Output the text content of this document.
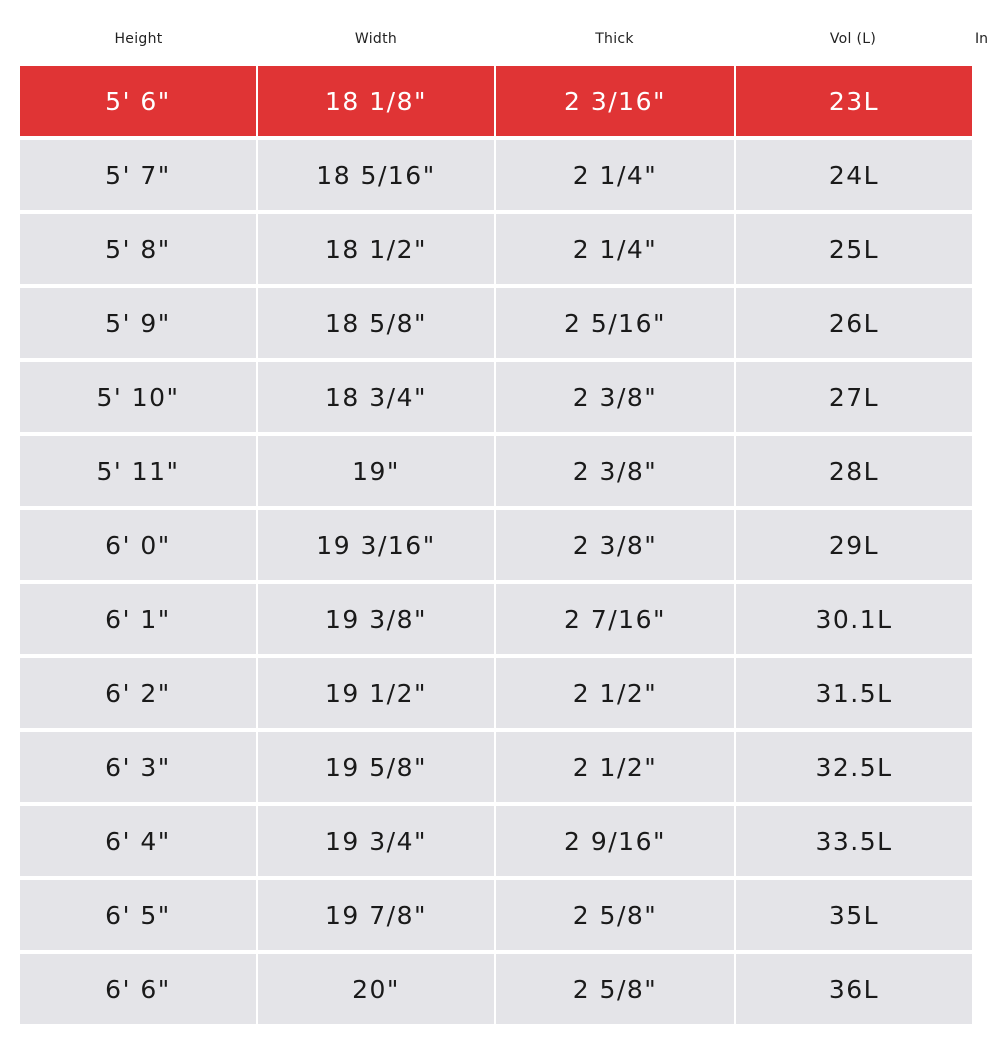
Height	Width	Thick	Vol (L)	In
5' 6"	18 1/8"	2 3/16"	23L
5' 7"	18 5/16"	2 1/4"	24L
5' 8"	18 1/2"	2 1/4"	25L
5' 9"	18 5/8"	2 5/16"	26L
5' 10"	18 3/4"	2 3/8"	27L
5' 11"	19"	2 3/8"	28L
6' 0"	19 3/16"	2 3/8"	29L
6' 1"	19 3/8"	2 7/16"	30.1L
6' 2"	19 1/2"	2 1/2"	31.5L
6' 3"	19 5/8"	2 1/2"	32.5L
6' 4"	19 3/4"	2 9/16"	33.5L
6' 5"	19 7/8"	2 5/8"	35L
6' 6"	20"	2 5/8"	36L
